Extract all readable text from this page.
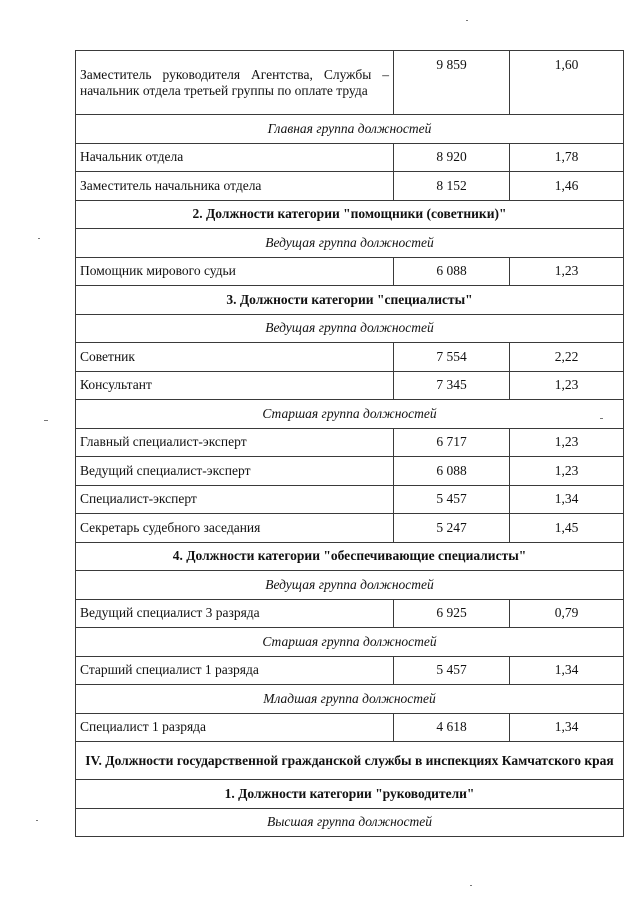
Заместитель руководителя Агентства, Службы – начальник отдела третьей группы по оплате труда	9 859	1,60
Главная группа должностей		
Начальник отдела	8 920	1,78
Заместитель начальника отдела	8 152	1,46
2. Должности категории "помощники (советники)"		
Ведущая группа должностей		
Помощник мирового судьи	6 088	1,23
3. Должности категории "специалисты"		
Ведущая группа должностей		
Советник	7 554	2,22
Консультант	7 345	1,23
Старшая группа должностей		
Главный специалист-эксперт	6 717	1,23
Ведущий специалист-эксперт	6 088	1,23
Специалист-эксперт	5 457	1,34
Секретарь судебного заседания	5 247	1,45
4. Должности категории "обеспечивающие специалисты"		
Ведущая группа должностей		
Ведущий специалист 3 разряда	6 925	0,79
Старшая группа должностей		
Старший специалист 1 разряда	5 457	1,34
Младшая группа должностей		
Специалист 1 разряда	4 618	1,34
IV. Должности государственной гражданской службы в инспекциях Камчатского края		
1. Должности категории "руководители"		
Высшая группа должностей		
